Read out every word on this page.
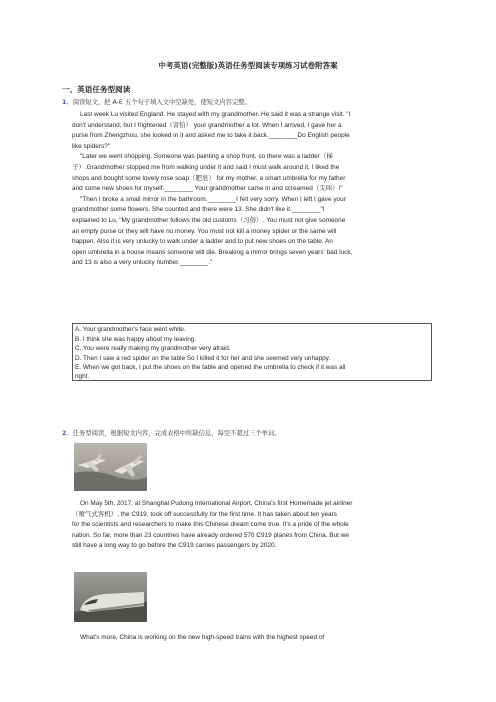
中考英语(完整版)英语任务型阅读专项练习试卷附答案
一、英语任务型阅读
1．阅读短文，把 A-E 五个句子填入文中空缺处，使短文内容完整。
Last week Lu visited England. He stayed with my grandmother. He said it was a strange visit. "I
don't understand, but I frightened（害怕） your grandmother a lot. When I arrived, I gave her a
purse from Zhengzhou, she looked in it and asked me to take it back.________Do English people
like spiders?"
"Later we went shopping. Someone was painting a shop front, so there was a ladder（梯
子）.Grandmother stopped me from walking under it and said I must walk around it. I liked the
shops and bought some lovely rose soap（肥皂） for my mother, a smart umbrella for my father
and some new shoes for myself.________ Your grandmother came in and screamed（尖叫）!"
"Then I broke a small mirror in the bathroom.________I felt very sorry. When I left I gave your
grandmother some flowers. She counted and there were 13. She didn't like it.________"I
explained to Lu, "My grandmother follows the old customs（习俗）. You must not give someone
an empty purse or they will have no money. You must not kill a money spider or the same will
happen. Also it is very unlucky to walk under a ladder and to put new shoes on the table. An
open umbrella in a house means someone will die. Breaking a mirror brings seven years' bad luck,
and 13 is also a very unlucky number.________."
A. Your grandmother's face went white.
B. I think she was happy about my leaving.
C. You were really making my grandmother very afraid.
D. Then I saw a red spider on the table So I killed it for her and she seemed very unhappy.
E. When we got back, I put the shoes on the table and opened the umbrella to check if it was all
right.
2．任务型阅读，根据短文内容，完成表格中所缺信息，每空不超过三个单词。
On May 5th, 2017, at Shanghai Pudong International Airport, China's first Homemade jet airliner
（喷气式客机）, the C919, took off successfully for the first time. It has taken about ten years
for the scientists and researchers to make this Chinese dream come true. It's a pride of the whole
nation. So far, more than 23 countries have already ordered 570 C919 planes from China. But we
still have a long way to go before the C919 carries passengers by 2020.
What's more, China is working on the new high-speed trains with the highest speed of
